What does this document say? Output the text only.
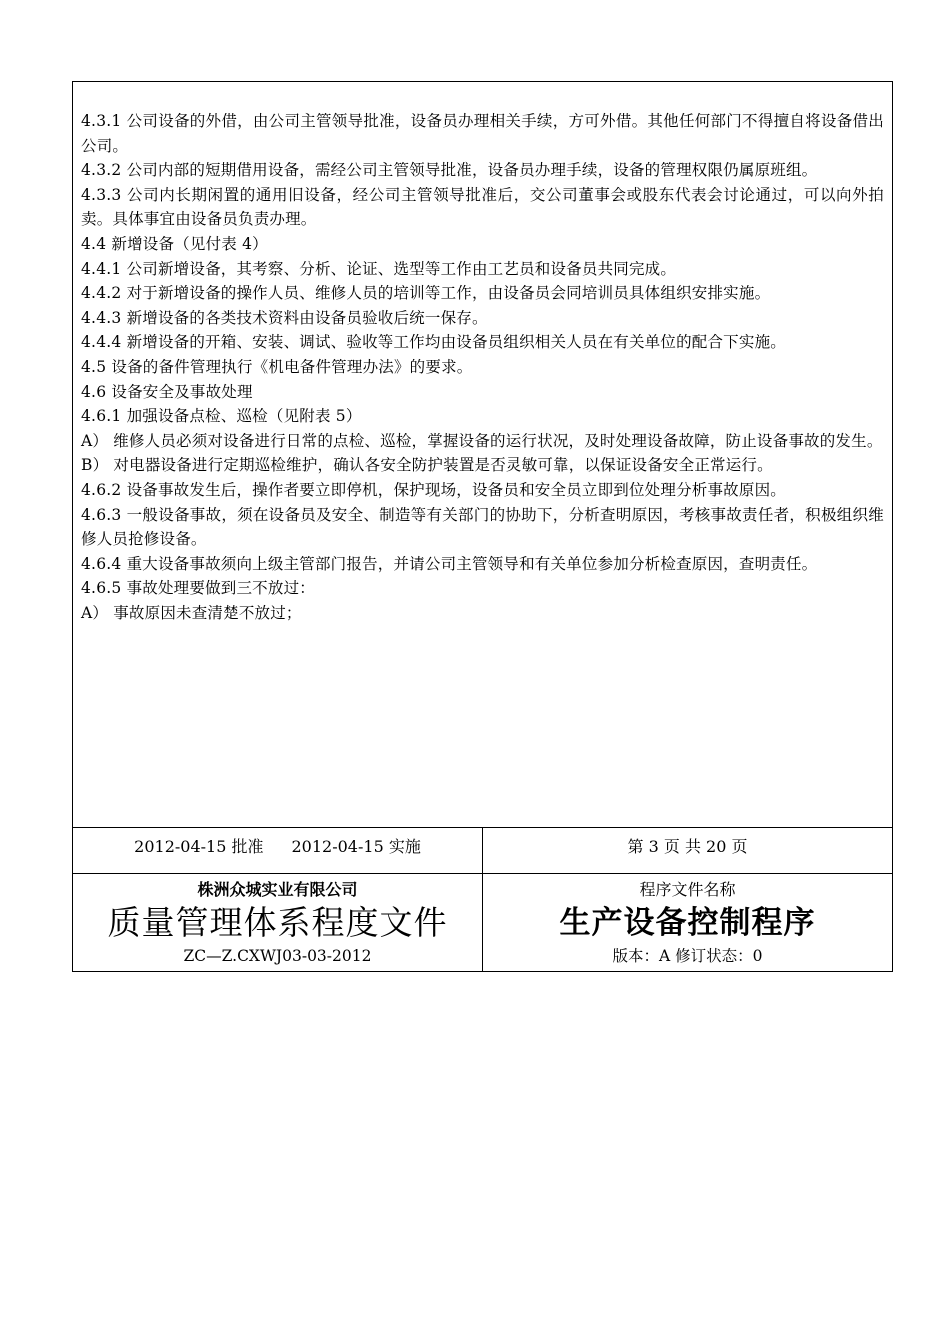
4.3.1 公司设备的外借，由公司主管领导批准，设备员办理相关手续，方可外借。其他任何部门不得擅自将设备借出公司。

4.3.2 公司内部的短期借用设备，需经公司主管领导批准，设备员办理手续，设备的管理权限仍属原班组。

4.3.3 公司内长期闲置的通用旧设备，经公司主管领导批准后，交公司董事会或股东代表会讨论通过，可以向外拍卖。具体事宜由设备员负责办理。

4.4 新增设备（见付表 4）

4.4.1 公司新增设备，其考察、分析、论证、选型等工作由工艺员和设备员共同完成。

4.4.2 对于新增设备的操作人员、维修人员的培训等工作，由设备员会同培训员具体组织安排实施。

4.4.3 新增设备的各类技术资料由设备员验收后统一保存。

4.4.4 新增设备的开箱、安装、调试、验收等工作均由设备员组织相关人员在有关单位的配合下实施。

4.5 设备的备件管理执行《机电备件管理办法》的要求。

4.6 设备安全及事故处理

4.6.1 加强设备点检、巡检（见附表 5）

A） 维修人员必须对设备进行日常的点检、巡检，掌握设备的运行状况，及时处理设备故障，防止设备事故的发生。

B） 对电器设备进行定期巡检维护，确认各安全防护装置是否灵敏可靠，以保证设备安全正常运行。

4.6.2 设备事故发生后，操作者要立即停机，保护现场，设备员和安全员立即到位处理分析事故原因。

4.6.3 一般设备事故，须在设备员及安全、制造等有关部门的协助下，分析查明原因，考核事故责任者，积极组织维修人员抢修设备。

4.6.4 重大设备事故须向上级主管部门报告，并请公司主管领导和有关单位参加分析检查原因，查明责任。

4.6.5 事故处理要做到三不放过：

A） 事故原因未查清楚不放过；

2012-04-15 批准 2012-04-15 实施	第 3 页 共 20 页
株洲众城实业有限公司
质量管理体系程度文件
ZC—Z.CXWJ03-03-2012
程序文件名称
生产设备控制程序
版本：A 修订状态：0
